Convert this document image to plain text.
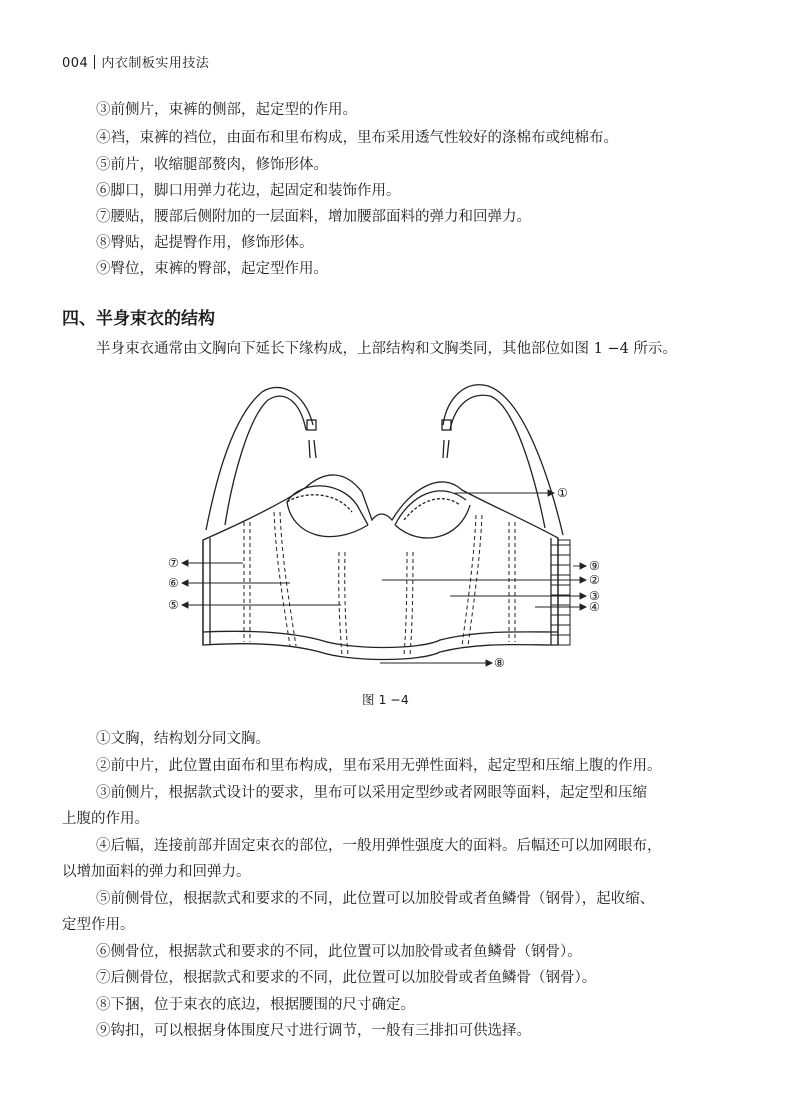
004 内衣制板实用技法
③前侧片，束裤的侧部，起定型的作用。
④裆，束裤的裆位，由面布和里布构成，里布采用透气性较好的涤棉布或纯棉布。
⑤前片，收缩腿部赘肉，修饰形体。
⑥脚口，脚口用弹力花边，起固定和装饰作用。
⑦腰贴，腰部后侧附加的一层面料，增加腰部面料的弹力和回弹力。
⑧臀贴，起提臀作用，修饰形体。
⑨臀位，束裤的臀部，起定型作用。
四、半身束衣的结构
半身束衣通常由文胸向下延长下缘构成，上部结构和文胸类同，其他部位如图 1 −4 所示。
①
②
③
④
⑤
⑥
⑦
⑧
⑨
图 1 −4
①文胸，结构划分同文胸。
②前中片，此位置由面布和里布构成，里布采用无弹性面料，起定型和压缩上腹的作用。
③前侧片，根据款式设计的要求，里布可以采用定型纱或者网眼等面料，起定型和压缩
上腹的作用。
④后幅，连接前部并固定束衣的部位，一般用弹性强度大的面料。后幅还可以加网眼布，
以增加面料的弹力和回弹力。
⑤前侧骨位，根据款式和要求的不同，此位置可以加胶骨或者鱼鳞骨（钢骨），起收缩、
定型作用。
⑥侧骨位，根据款式和要求的不同，此位置可以加胶骨或者鱼鳞骨（钢骨）。
⑦后侧骨位，根据款式和要求的不同，此位置可以加胶骨或者鱼鳞骨（钢骨）。
⑧下捆，位于束衣的底边，根据腰围的尺寸确定。
⑨钩扣，可以根据身体围度尺寸进行调节，一般有三排扣可供选择。
